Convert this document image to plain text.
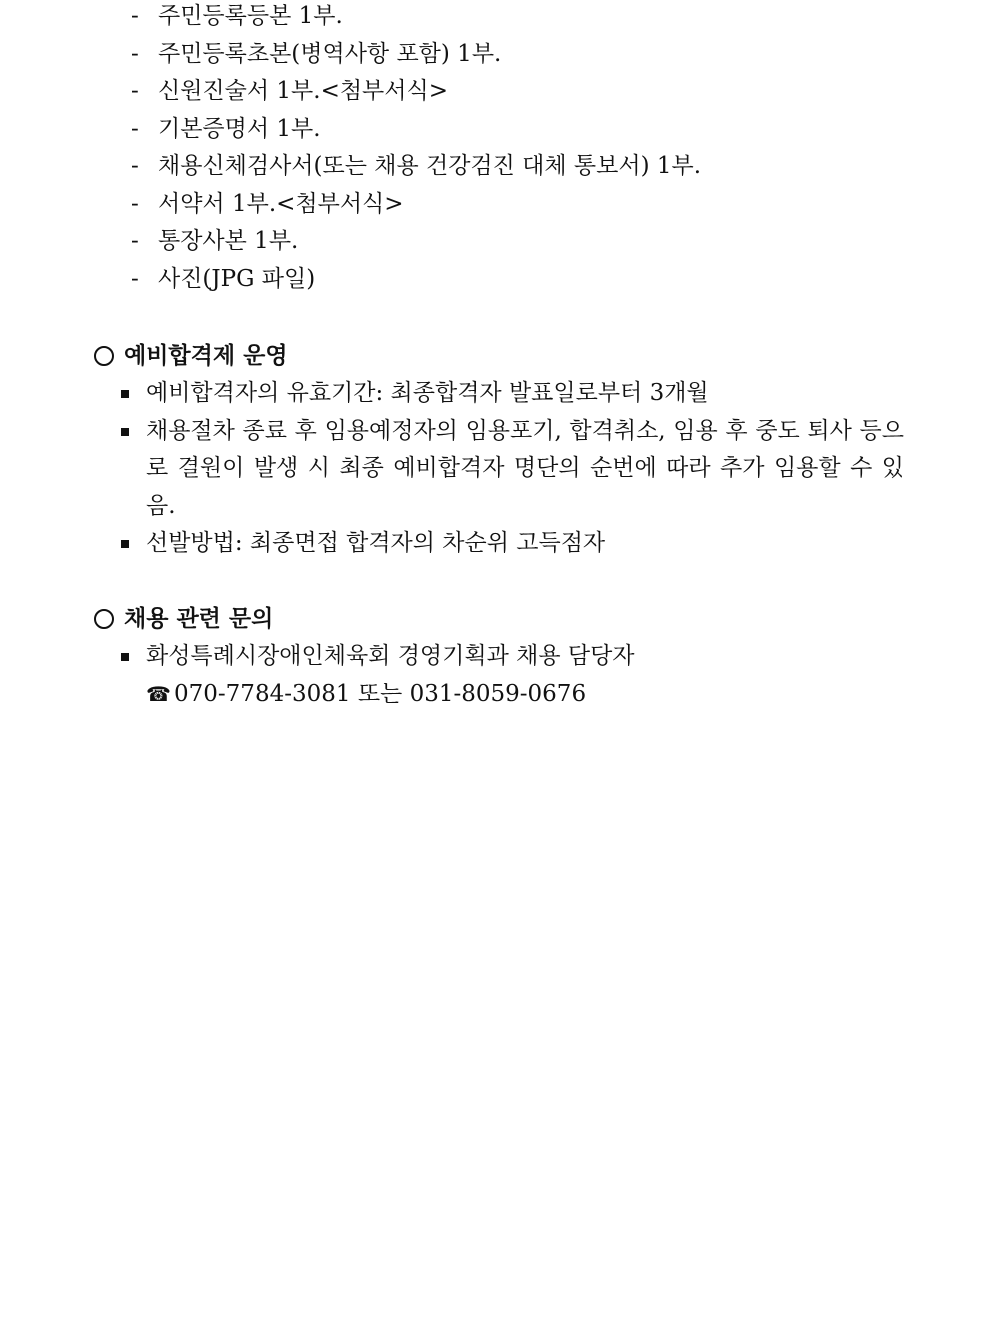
- 주민등록등본 1부.
- 주민등록초본(병역사항 포함) 1부.
- 신원진술서 1부.<첨부서식>
- 기본증명서 1부.
- 채용신체검사서(또는 채용 건강검진 대체 통보서) 1부.
- 서약서 1부.<첨부서식>
- 통장사본 1부.
- 사진(JPG 파일)
예비합격제 운영
예비합격자의 유효기간: 최종합격자 발표일로부터 3개월
채용절차 종료 후 임용예정자의 임용포기, 합격취소, 임용 후 중도 퇴사 등으로 결원이 발생 시 최종 예비합격자 명단의 순번에 따라 추가 임용할 수 있음.
선발방법: 최종면접 합격자의 차순위 고득점자
채용 관련 문의
화성특례시장애인체육회 경영기획과 채용 담당자
☎ 070-7784-3081 또는 031-8059-0676
